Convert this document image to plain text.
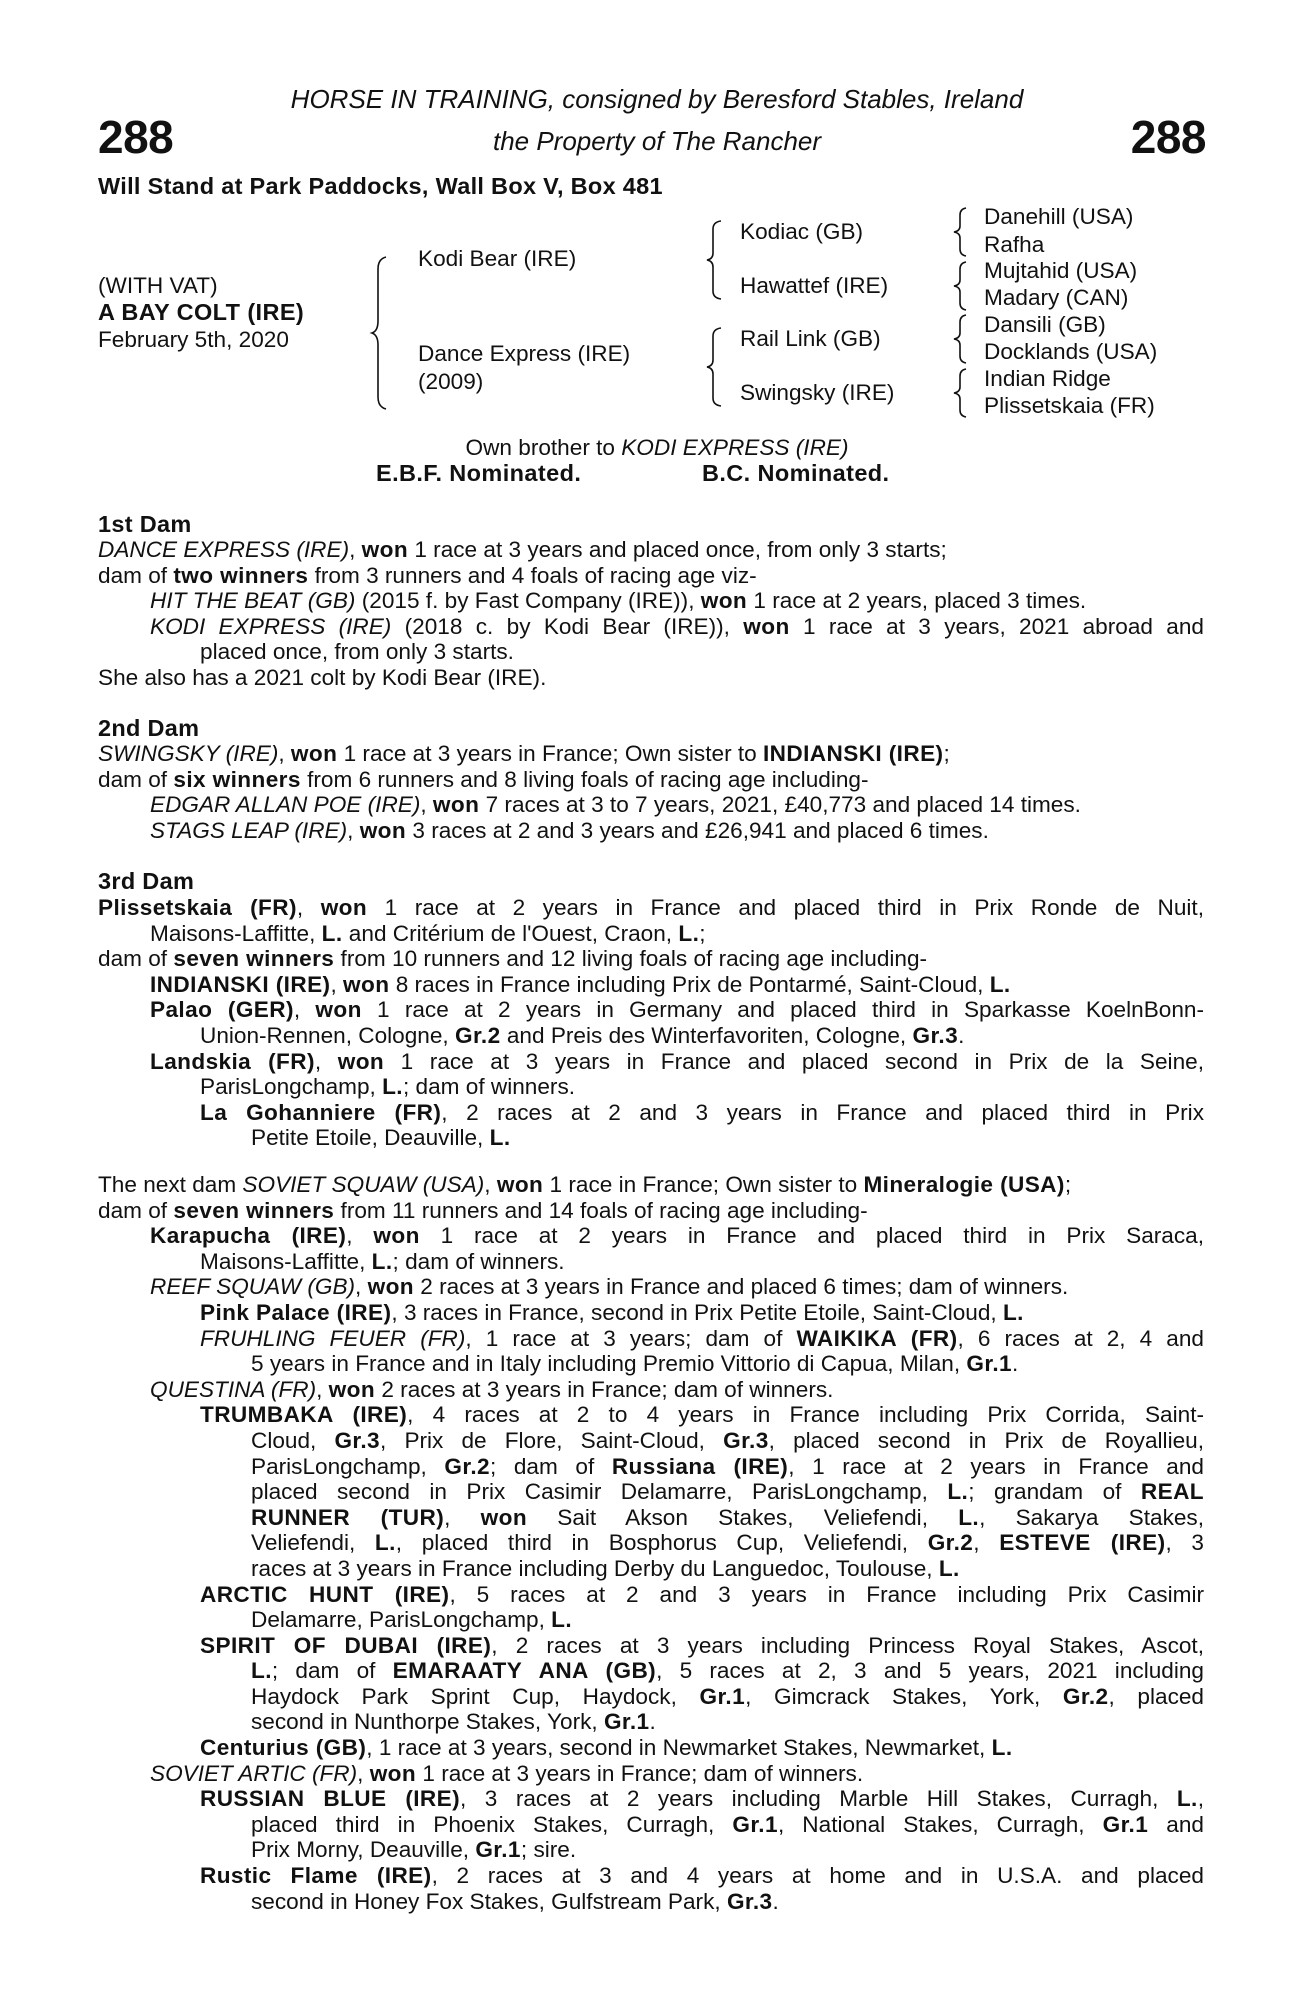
288	288
HORSE IN TRAINING, consigned by Beresford Stables, Ireland
the Property of The Rancher
Will Stand at Park Paddocks, Wall Box V, Box 481
(WITH VAT)
A BAY COLT (IRE)
February 5th, 2020
Kodi Bear (IRE)
Dance Express (IRE)
(2009)
Kodiac (GB)
Hawattef (IRE)
Rail Link (GB)
Swingsky (IRE)
Danehill (USA)
Rafha
Mujtahid (USA)
Madary (CAN)
Dansili (GB)
Docklands (USA)
Indian Ridge
Plissetskaia (FR)
Own brother to KODI EXPRESS (IRE)
E.B.F. Nominated.	B.C. Nominated.
1st Dam
DANCE EXPRESS (IRE), won 1 race at 3 years and placed once, from only 3 starts;
dam of two winners from 3 runners and 4 foals of racing age viz-
HIT THE BEAT (GB) (2015 f. by Fast Company (IRE)), won 1 race at 2 years, placed 3 times.
KODI EXPRESS (IRE) (2018 c. by Kodi Bear (IRE)), won 1 race at 3 years, 2021 abroad and
placed once, from only 3 starts.
She also has a 2021 colt by Kodi Bear (IRE).
2nd Dam
SWINGSKY (IRE), won 1 race at 3 years in France; Own sister to INDIANSKI (IRE);
dam of six winners from 6 runners and 8 living foals of racing age including-
EDGAR ALLAN POE (IRE), won 7 races at 3 to 7 years, 2021, £40,773 and placed 14 times.
STAGS LEAP (IRE), won 3 races at 2 and 3 years and £26,941 and placed 6 times.
3rd Dam
Plissetskaia (FR), won 1 race at 2 years in France and placed third in Prix Ronde de Nuit,
Maisons-Laffitte, L. and Critérium de l'Ouest, Craon, L.;
dam of seven winners from 10 runners and 12 living foals of racing age including-
INDIANSKI (IRE), won 8 races in France including Prix de Pontarmé, Saint-Cloud, L.
Palao (GER), won 1 race at 2 years in Germany and placed third in Sparkasse KoelnBonn-
Union-Rennen, Cologne, Gr.2 and Preis des Winterfavoriten, Cologne, Gr.3.
Landskia (FR), won 1 race at 3 years in France and placed second in Prix de la Seine,
ParisLongchamp, L.; dam of winners.
La Gohanniere (FR), 2 races at 2 and 3 years in France and placed third in Prix
Petite Etoile, Deauville, L.
The next dam SOVIET SQUAW (USA), won 1 race in France; Own sister to Mineralogie (USA);
dam of seven winners from 11 runners and 14 foals of racing age including-
Karapucha (IRE), won 1 race at 2 years in France and placed third in Prix Saraca,
Maisons-Laffitte, L.; dam of winners.
REEF SQUAW (GB), won 2 races at 3 years in France and placed 6 times; dam of winners.
Pink Palace (IRE), 3 races in France, second in Prix Petite Etoile, Saint-Cloud, L.
FRUHLING FEUER (FR), 1 race at 3 years; dam of WAIKIKA (FR), 6 races at 2, 4 and
5 years in France and in Italy including Premio Vittorio di Capua, Milan, Gr.1.
QUESTINA (FR), won 2 races at 3 years in France; dam of winners.
TRUMBAKA (IRE), 4 races at 2 to 4 years in France including Prix Corrida, Saint-
Cloud, Gr.3, Prix de Flore, Saint-Cloud, Gr.3, placed second in Prix de Royallieu,
ParisLongchamp, Gr.2; dam of Russiana (IRE), 1 race at 2 years in France and
placed second in Prix Casimir Delamarre, ParisLongchamp, L.; grandam of REAL
RUNNER (TUR), won Sait Akson Stakes, Veliefendi, L., Sakarya Stakes,
Veliefendi, L., placed third in Bosphorus Cup, Veliefendi, Gr.2, ESTEVE (IRE), 3
races at 3 years in France including Derby du Languedoc, Toulouse, L.
ARCTIC HUNT (IRE), 5 races at 2 and 3 years in France including Prix Casimir
Delamarre, ParisLongchamp, L.
SPIRIT OF DUBAI (IRE), 2 races at 3 years including Princess Royal Stakes, Ascot,
L.; dam of EMARAATY ANA (GB), 5 races at 2, 3 and 5 years, 2021 including
Haydock Park Sprint Cup, Haydock, Gr.1, Gimcrack Stakes, York, Gr.2, placed
second in Nunthorpe Stakes, York, Gr.1.
Centurius (GB), 1 race at 3 years, second in Newmarket Stakes, Newmarket, L.
SOVIET ARTIC (FR), won 1 race at 3 years in France; dam of winners.
RUSSIAN BLUE (IRE), 3 races at 2 years including Marble Hill Stakes, Curragh, L.,
placed third in Phoenix Stakes, Curragh, Gr.1, National Stakes, Curragh, Gr.1 and
Prix Morny, Deauville, Gr.1; sire.
Rustic Flame (IRE), 2 races at 3 and 4 years at home and in U.S.A. and placed
second in Honey Fox Stakes, Gulfstream Park, Gr.3.
